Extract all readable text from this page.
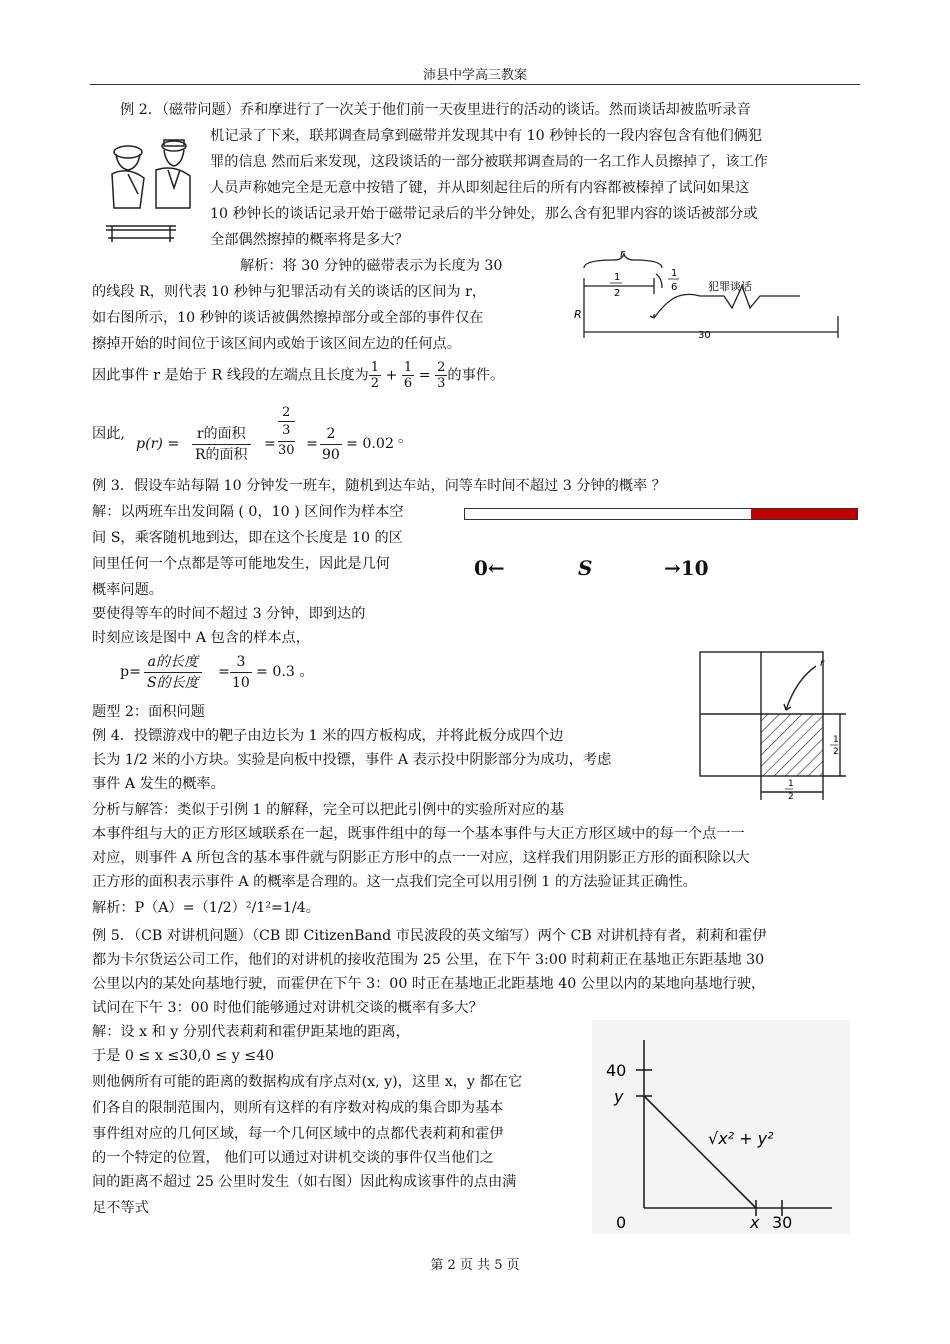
沛县中学高三教案
例 2．（磁带问题）乔和摩进行了一次关于他们前一天夜里进行的活动的谈话。然而谈话却被监听录音
机记录了下来，联邦调查局拿到磁带并发现其中有 10 秒钟长的一段内容包含有他们俩犯
罪的信息 然而后来发现，这段谈话的一部分被联邦调查局的一名工作人员擦掉了，该工作
人员声称她完全是无意中按错了键，并从即刻起往后的所有内容都被榛掉了试问如果这
10 秒钟长的谈话记录开始于磁带记录后的半分钟处，那么含有犯罪内容的谈话被部分或
全部偶然擦掉的概率将是多大？
解析：将 30 分钟的磁带表示为长度为 30
的线段 R，则代表 10 秒钟与犯罪活动有关的谈话的区间为 r，
如右图所示，10 秒钟的谈话被偶然擦掉部分或全部的事件仅在
擦掉开始的时间位于该区间内或始于该区间左边的任何点。
r
1
2
1
6	犯罪谈话
R
30
因此事件 r 是始于 R 线段的左端点且长度为 $\frac{1}{2} + \frac{1}{6} = \frac{2}{3}$ 的事件。
因此,
p(r) =
r的面积
R的面积
=
2
3
$30 = \frac{2}{90} = 0.02$ 。
例 3．假设车站每隔 10 分钟发一班车，随机到达车站，问等车时间不超过 3 分钟的概率 ？
解：以两班车出发间隔 ( 0，10 ) 区间作为样本空
间 S，乘客随机地到达，即在这个长度是 10 的区
间里任何一个点都是等可能地发生，因此是几何
概率问题。
要使得等车的时间不超过 3 分钟，即到达的
时刻应该是图中 A 包含的样本点，
0←	S	→10
p=
a的长度
S的长度
= $\frac{3}{10} = 0.3$ 。
题型 2：面积问题
例 4．投镖游戏中的靶子由边长为 1 米的四方板构成，并将此板分成四个边
长为 1/2 米的小方块。实验是向板中投镖，事件 A 表示投中阴影部分为成功，考虑
事件 A 发生的概率。
分析与解答：类似于引例 1 的解释，完全可以把此引例中的实验所对应的基
本事件组与大的正方形区域联系在一起，既事件组中的每一个基本事件与大正方形区域中的每一个点一一
对应，则事件 A 所包含的基本事件就与阴影正方形中的点一一对应，这样我们用阴影正方形的面积除以大
正方形的面积表示事件 A 的概率是合理的。这一点我们完全可以用引例 1 的方法验证其正确性。
解析：P（A）=（1/2）²/1²=1/4。
r
1
2
1
2
例 5．（CB 对讲机问题）（CB 即 CitizenBand 市民波段的英文缩写）两个 CB 对讲机持有者，莉莉和霍伊
都为卡尔货运公司工作，他们的对讲机的接收范围为 25 公里，在下午 3:00 时莉莉正在基地正东距基地 30
公里以内的某处向基地行驶，而霍伊在下午 3：00 时正在基地正北距基地 40 公里以内的某地向基地行驶，
试问在下午 3：00 时他们能够通过对讲机交谈的概率有多大？
解：设 x 和 y 分别代表莉莉和霍伊距某地的距离，
于是 0 ≤ x ≤30,0 ≤ y ≤40
则他俩所有可能的距离的数据构成有序点对(x, y)，这里 x，y 都在它
们各自的限制范围内，则所有这样的有序数对构成的集合即为基本
事件组对应的几何区域，每一个几何区域中的点都代表莉莉和霍伊
的一个特定的位置， 他们可以通过对讲机交谈的事件仅当他们之
间的距离不超过 25 公里时发生（如右图）因此构成该事件的点由满
足不等式
40
y
√x² + y²
0	x 30
第 2 页 共 5 页
